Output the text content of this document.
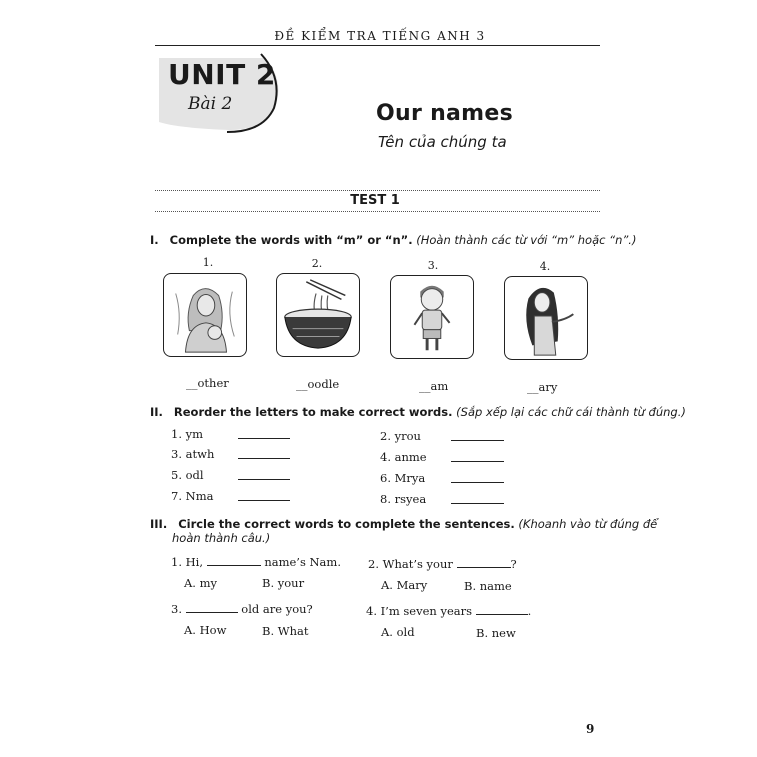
ĐỀ KIỂM TRA TIẾNG ANH 3
UNIT 2
Bài 2	Our names
Tên của chúng ta
TEST 1
I. Complete the words with “m” or “n”. (Hoàn thành các từ với “m” hoặc “n”.)
1.	2.	3.	4.
__other	__oodle	__am	__ary
II. Reorder the letters to make correct words. (Sắp xếp lại các chữ cái thành từ đúng.)
1. ym	2. yrou
3. atwh	4. anme
5. odl	6. Mrya
7. Nma	8. rsyea
III. Circle the correct words to complete the sentences. (Khoanh vào từ đúng để
hoàn thành câu.)
1. Hi,	name’s Nam.
A. my	B. your
2. What’s your	?
A. Mary	B. name
3.	old are you?
A. How	B. What
4. I’m seven years	.
A. old	B. new
9
